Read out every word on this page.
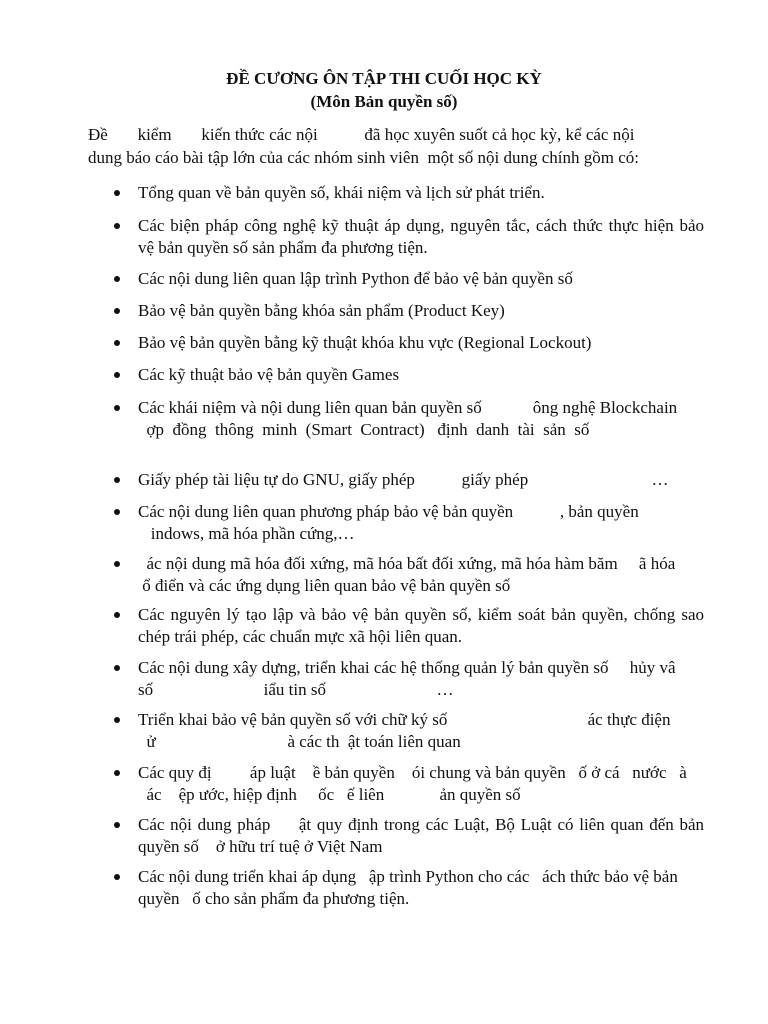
ĐỀ CƯƠNG ÔN TẬP THI CUỐI HỌC KỲ
(Môn Bản quyền số)
Đề       kiểm       kiến thức các nội           đã học xuyên suốt cả học kỳ, kể các nội
dung báo cáo bài tập lớn của các nhóm sinh viên  một số nội dung chính gồm có:
Tổng quan về bản quyền số, khái niệm và lịch sử phát triển.
Các biện pháp công nghệ kỹ thuật áp dụng, nguyên tắc, cách thức thực hiện bảo
vệ bản quyền số sản phẩm đa phương tiện.
Các nội dung liên quan lập trình Python để bảo vệ bản quyền số
Bảo vệ bản quyền bằng khóa sản phẩm (Product Key)
Bảo vệ bản quyền bằng kỹ thuật khóa khu vực (Regional Lockout)
Các kỹ thuật bảo vệ bản quyền Games
Các khái niệm và nội dung liên quan bản quyền số            ông nghệ Blockchain
ợp  đồng  thông  minh  (Smart  Contract)   định  danh  tài  sản  số
Giấy phép tài liệu tự do GNU, giấy phép           giấy phép                             …
Các nội dung liên quan phương pháp bảo vệ bản quyền           , bản quyền
indows, mã hóa phần cứng,…
ác nội dung mã hóa đối xứng, mã hóa bất đối xứng, mã hóa hàm băm     ã hóa
ổ điển và các ứng dụng liên quan bảo vệ bản quyền số
Các nguyên lý tạo lập và bảo vệ bản quyền số, kiểm soát bản quyền, chống sao
chép trái phép, các chuẩn mực xã hội liên quan.
Các nội dung xây dựng, triển khai các hệ thống quản lý bản quyền số     hủy vâ
số                          iẩu tin số                          …
Triển khai bảo vệ bản quyền số với chữ ký số                                 ác thực điện
ử                               à các th  ật toán liên quan
Các quy đị         áp luật    ề bản quyền    ói chung và bản quyền   ố ở cá   nước   à
ác    ệp ước, hiệp định     ốc   ế liên             ản quyền số
Các nội dung pháp     ật quy định trong các Luật, Bộ Luật có liên quan đến bản
quyền số    ở hữu trí tuệ ở Việt Nam
Các nội dung triển khai áp dụng   ập trình Python cho các   ách thức bảo vệ bản
quyền   ố cho sản phẩm đa phương tiện.
